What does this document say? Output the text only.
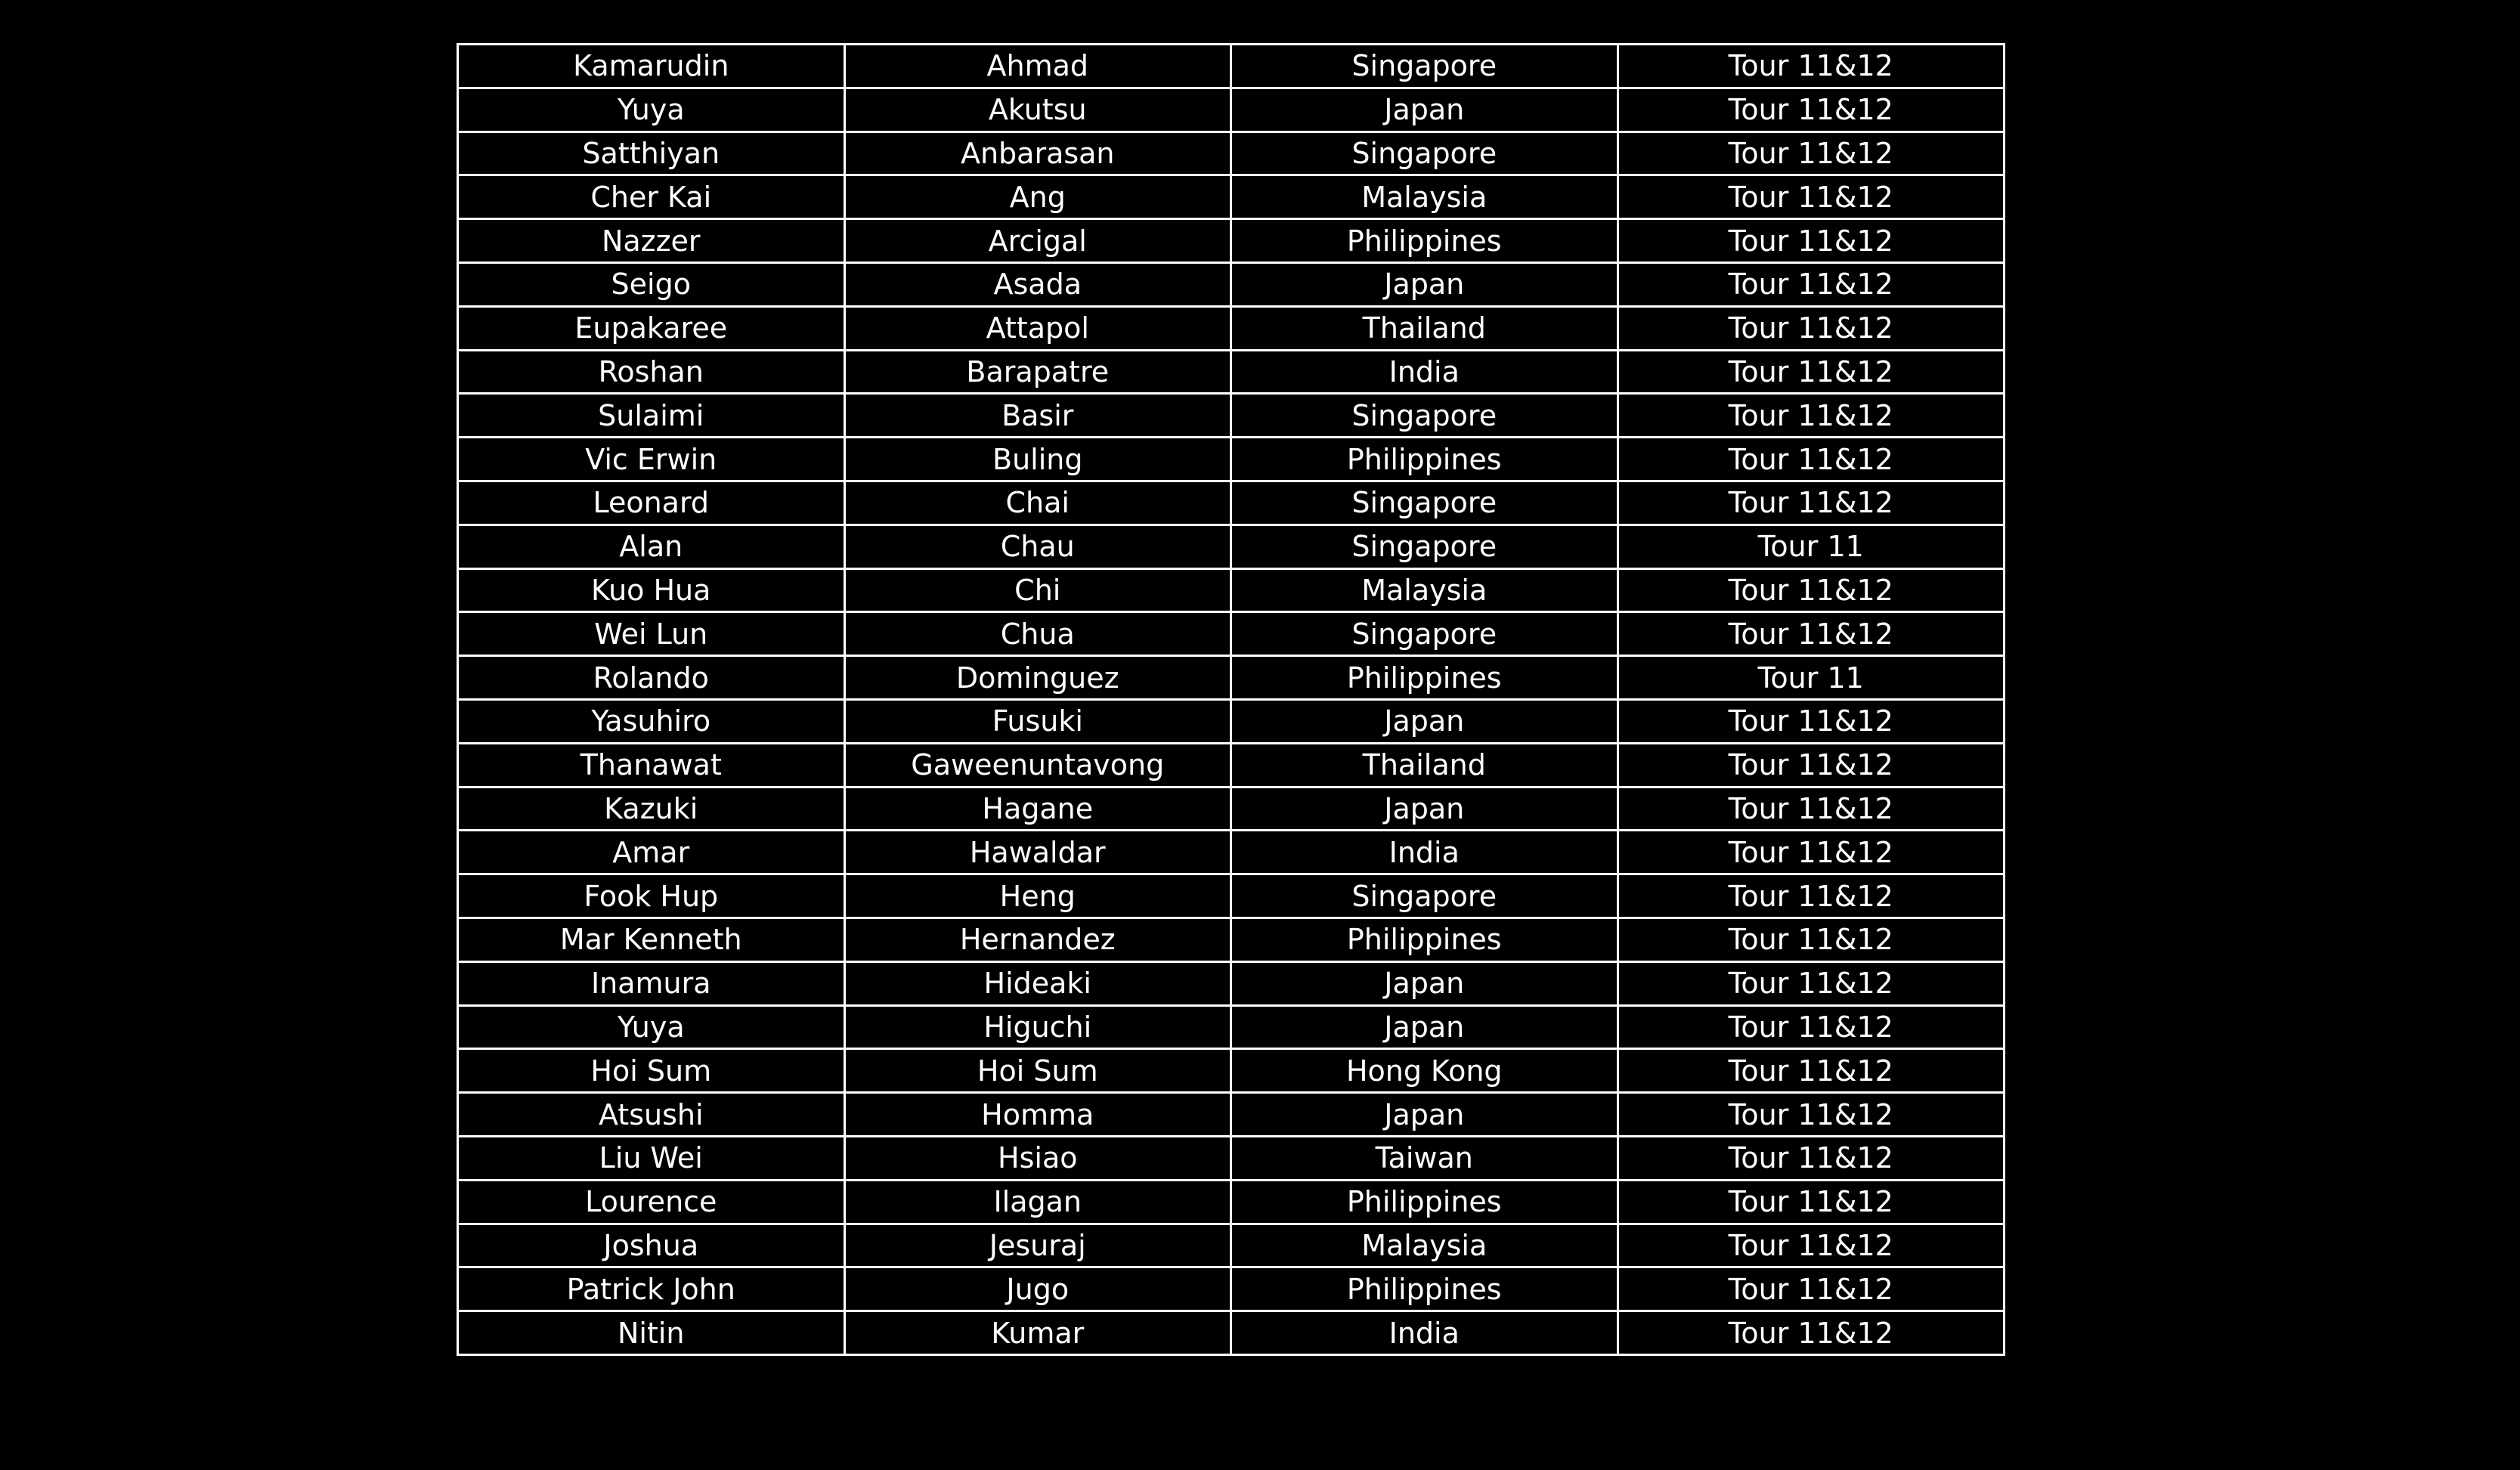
Kamarudin	Ahmad	Singapore	Tour 11&12
Yuya	Akutsu	Japan	Tour 11&12
Satthiyan	Anbarasan	Singapore	Tour 11&12
Cher Kai	Ang	Malaysia	Tour 11&12
Nazzer	Arcigal	Philippines	Tour 11&12
Seigo	Asada	Japan	Tour 11&12
Eupakaree	Attapol	Thailand	Tour 11&12
Roshan	Barapatre	India	Tour 11&12
Sulaimi	Basir	Singapore	Tour 11&12
Vic Erwin	Buling	Philippines	Tour 11&12
Leonard	Chai	Singapore	Tour 11&12
Alan	Chau	Singapore	Tour 11
Kuo Hua	Chi	Malaysia	Tour 11&12
Wei Lun	Chua	Singapore	Tour 11&12
Rolando	Dominguez	Philippines	Tour 11
Yasuhiro	Fusuki	Japan	Tour 11&12
Thanawat	Gaweenuntavong	Thailand	Tour 11&12
Kazuki	Hagane	Japan	Tour 11&12
Amar	Hawaldar	India	Tour 11&12
Fook Hup	Heng	Singapore	Tour 11&12
Mar Kenneth	Hernandez	Philippines	Tour 11&12
Inamura	Hideaki	Japan	Tour 11&12
Yuya	Higuchi	Japan	Tour 11&12
Hoi Sum	Hoi Sum	Hong Kong	Tour 11&12
Atsushi	Homma	Japan	Tour 11&12
Liu Wei	Hsiao	Taiwan	Tour 11&12
Lourence	Ilagan	Philippines	Tour 11&12
Joshua	Jesuraj	Malaysia	Tour 11&12
Patrick John	Jugo	Philippines	Tour 11&12
Nitin	Kumar	India	Tour 11&12
